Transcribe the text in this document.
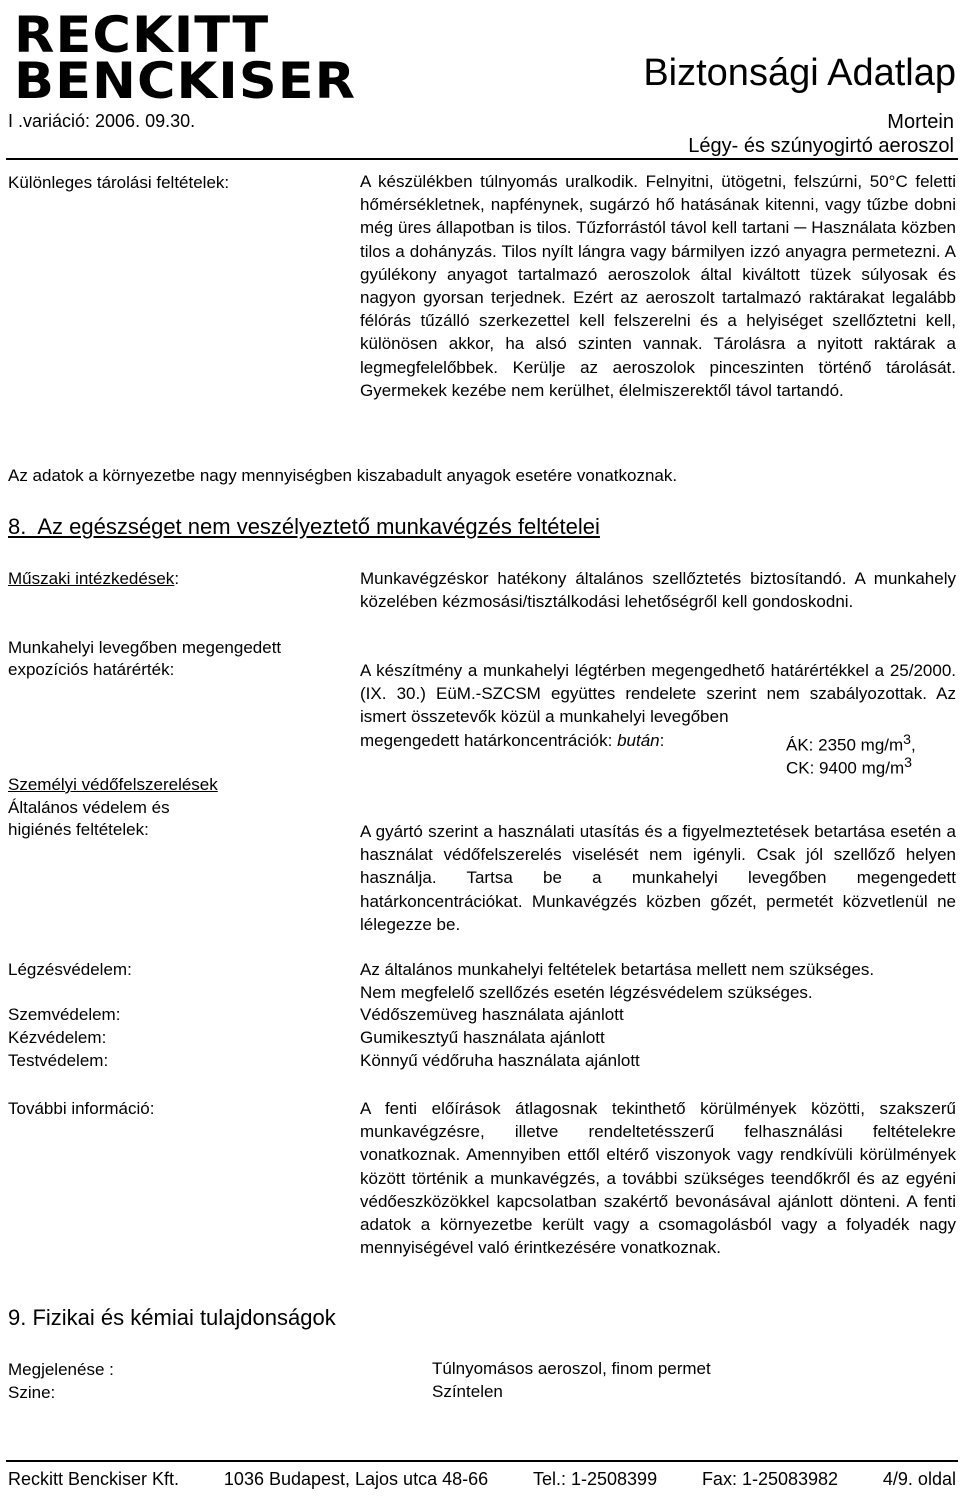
RECKITT
BENCKISER	Biztonsági Adatlap
I .variáció: 2006. 09.30.	Mortein
Légy- és szúnyogirtó aeroszol
Különleges tárolási feltételek:	A készülékben túlnyomás uralkodik. Felnyitni, ütögetni, felszúrni, 50°C feletti hőmérsékletnek, napfénynek, sugárzó hő hatásának kitenni, vagy tűzbe dobni még üres állapotban is tilos. Tűzforrástól távol kell tartani ─ Használata közben tilos a dohányzás. Tilos nyílt lángra vagy bármilyen izzó anyagra permetezni. A gyúlékony anyagot tartalmazó aeroszolok által kiváltott tüzek súlyosak és nagyon gyorsan terjednek. Ezért az aeroszolt tartalmazó raktárakat legalább félórás tűzálló szerkezettel kell felszerelni és a helyiséget szellőztetni kell, különösen akkor, ha alsó szinten vannak. Tárolásra a nyitott raktárak a legmegfelelőbbek. Kerülje az aeroszolok pinceszinten történő tárolását. Gyermekek kezébe nem kerülhet, élelmiszerektől távol tartandó.
Az adatok a környezetbe nagy mennyiségben kiszabadult anyagok esetére vonatkoznak.
8.  Az egészséget nem veszélyeztető munkavégzés feltételei
Műszaki intézkedések:	Munkavégzéskor hatékony általános szellőztetés biztosítandó. A munkahely közelében kézmosási/tisztálkodási lehetőségről kell gondoskodni.
Munkahelyi levegőben megengedett
expozíciós határérték:	A készítmény a munkahelyi légtérben megengedhető határértékkel a 25/2000. (IX. 30.) EüM.-SZCSM együttes rendelete szerint nem szabályozottak. Az ismert összetevők közül a munkahelyi levegőben
megengedett határkoncentrációk: bután:	ÁK: 2350 $mg/m^3$,
CK: 9400 $mg/m^3$
Személyi védőfelszerelések
Általános védelem és
higiénés feltételek:	A gyártó szerint a használati utasítás és a figyelmeztetések betartása esetén a használat védőfelszerelés viselését nem igényli. Csak jól szellőző helyen használja. Tartsa be a munkahelyi levegőben megengedett határkoncentrációkat. Munkavégzés közben gőzét, permetét közvetlenül ne lélegezze be.
Légzésvédelem:	Az általános munkahelyi feltételek betartása mellett nem szükséges.
Nem megfelelő szellőzés esetén légzésvédelem szükséges.
Szemvédelem:	Védőszemüveg használata ajánlott
Kézvédelem:	Gumikesztyű használata ajánlott
Testvédelem:	Könnyű védőruha használata ajánlott
További információ:	A fenti előírások átlagosnak tekinthető körülmények közötti, szakszerű munkavégzésre, illetve rendeltetésszerű felhasználási feltételekre vonatkoznak. Amennyiben ettől eltérő viszonyok vagy rendkívüli körülmények között történik a munkavégzés, a további szükséges teendőkről és az egyéni védőeszközökkel kapcsolatban szakértő bevonásával ajánlott dönteni. A fenti adatok a környezetbe került vagy a csomagolásból vagy a folyadék nagy mennyiségével való érintkezésére vonatkoznak.
9. Fizikai és kémiai tulajdonságok
Megjelenése :	Túlnyomásos aeroszol, finom permet
Szine:	Színtelen
Reckitt Benckiser Kft. 1036 Budapest, Lajos utca 48-66 Tel.: 1-2508399 Fax: 1-25083982 4/9. oldal
